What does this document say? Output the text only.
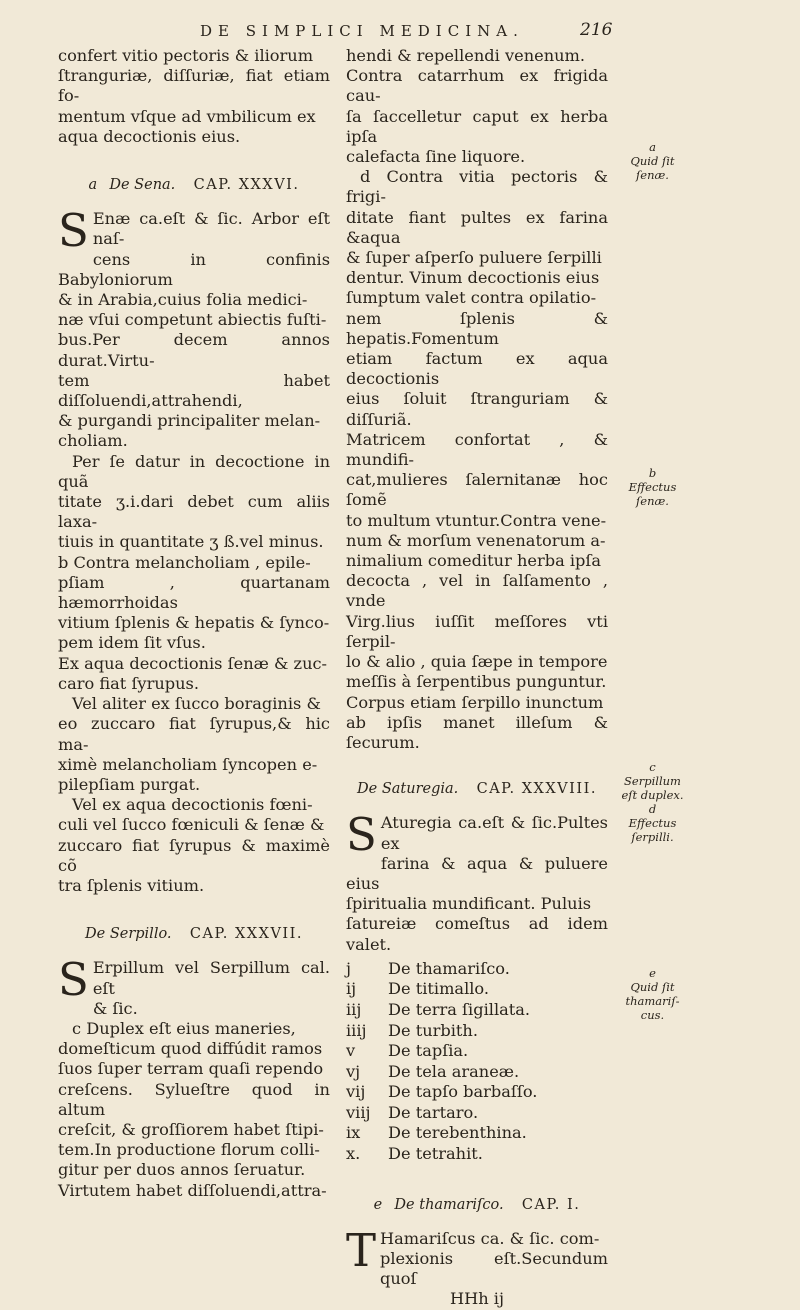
DE SIMPLICI MEDICINA.	216

confert vitio pectoris & iliorum

ſtranguriæ, diſſuriæ, fiat etiam fo-

mentum vſque ad vmbilicum ex

aqua decoctionis eius.

a De Sena. CAP. XXXVI.
S Enæ ca.eſt & ſic. Arbor eſt naſ-

cens in confinis Babyloniorum

& in Arabia,cuius folia medici-

næ vſui competunt abiectis fuſti-

bus.Per decem annos durat.Virtu-

tem habet diſſoluendi,attrahendi,

& purgandi principaliter melan-

choliam.

Per ſe datur in decoctione in quã

titate ʒ.i.dari debet cum aliis laxa-

tiuis in quantitate ʒ ß.vel minus.

b Contra melancholiam , epile-

pſiam , quartanam hæmorrhoidas

vitium ſplenis & hepatis & ſynco-

pem idem ſit vſus.

Ex aqua decoctionis ſenæ & zuc-

caro fiat ſyrupus.

Vel aliter ex ſucco boraginis &

eo zuccaro fiat ſyrupus,& hic ma-

ximè melancholiam ſyncopen e-

pilepſiam purgat.

Vel ex aqua decoctionis fœni-

culi vel ſucco fœniculi & ſenæ &

zuccaro fiat ſyrupus & maximè cõ

tra ſplenis vitium.

De Serpillo. CAP. XXXVII.
S Erpillum vel Serpillum cal. eſt

& ſic.

c Duplex eſt eius maneries,

domeſticum quod diffúdit ramos

ſuos ſuper terram quaſi rependo

creſcens. Sylueſtre quod in altum

creſcit, & groſſiorem habet ſtipi-

tem.In productione florum colli-

gitur per duos annos ſeruatur.

Virtutem habet diſſoluendi,attra-

hendi & repellendi venenum.

Contra catarrhum ex frigida cau-

ſa ſaccelletur caput ex herba ipſa

calefacta ſine liquore.

d Contra vitia pectoris & frigi-

ditate fiant pultes ex farina &aqua

& ſuper aſperſo puluere ſerpilli

dentur. Vinum decoctionis eius

ſumptum valet contra opilatio-

nem ſplenis & hepatis.Fomentum

etiam factum ex aqua decoctionis

eius ſoluit ſtranguriam & diſſuriã.

Matricem confortat , & mundifi-

cat,mulieres ſalernitanæ hoc ſomẽ

to multum vtuntur.Contra vene-

num & morſum venenatorum a-

nimalium comeditur herba ipſa

decocta , vel in ſalſamento , vnde

Virg.lius iuſſit meſſores vti ſerpil-

lo & alio , quia ſæpe in tempore

meſſis à ſerpentibus punguntur.

Corpus etiam ſerpillo inunctum

ab ipſis manet illeſum & ſecurum.

De Saturegia. CAP. XXXVIII.
S Aturegia ca.eſt & ſic.Pultes ex

farina & aqua & puluere eius

ſpiritualia mundificant. Puluis

ſatureiæ comeſtus ad idem valet.

j	De thamariſco.
ij	De titimallo.
iij	De terra ſigillata.
iiij	De turbith.
v	De tapſia.
vj	De tela araneæ.
vij	De tapſo barbaſſo.
viij	De tartaro.
ix	De terebenthina.
x.	De tetrahit.
e De thamariſco. CAP. I.
T Hamariſcus ca. & ſic. com-

plexionis eſt.Secundum quoſ

HHh ij
a
Quid ſit
ſenæ.
b
Effectus
ſenæ.
c
Serpillum
eſt duplex.
d
Effectus
ſerpilli.
e
Quid ſit
thamariſ-
cus.
